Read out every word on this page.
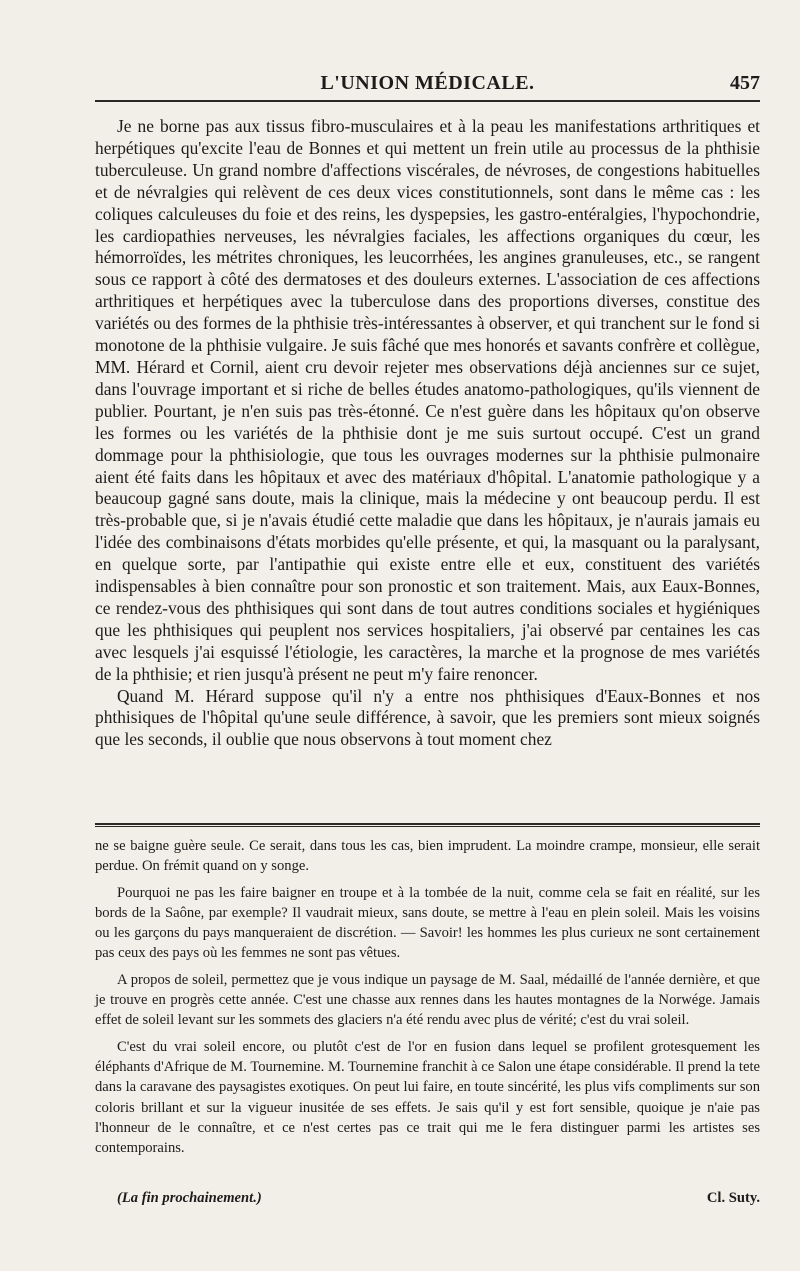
L'UNION MÉDICALE.	457

Je ne borne pas aux tissus fibro-musculaires et à la peau les manifestations arthritiques et herpétiques qu'excite l'eau de Bonnes et qui mettent un frein utile au processus de la phthisie tuberculeuse. Un grand nombre d'affections viscérales, de névroses, de congestions habituelles et de névralgies qui relèvent de ces deux vices constitutionnels, sont dans le même cas : les coliques calculeuses du foie et des reins, les dyspepsies, les gastro-entéralgies, l'hypochondrie, les cardiopathies nerveuses, les névralgies faciales, les affections organiques du cœur, les hémorroïdes, les métrites chroniques, les leucorrhées, les angines granuleuses, etc., se rangent sous ce rapport à côté des dermatoses et des douleurs externes. L'association de ces affections arthritiques et herpétiques avec la tuberculose dans des proportions diverses, constitue des variétés ou des formes de la phthisie très-intéressantes à observer, et qui tranchent sur le fond si monotone de la phthisie vulgaire. Je suis fâché que mes honorés et savants confrère et collègue, MM. Hérard et Cornil, aient cru devoir rejeter mes observations déjà anciennes sur ce sujet, dans l'ouvrage important et si riche de belles études anatomo-pathologiques, qu'ils viennent de publier. Pourtant, je n'en suis pas très-étonné. Ce n'est guère dans les hôpitaux qu'on observe les formes ou les variétés de la phthisie dont je me suis surtout occupé. C'est un grand dommage pour la phthisiologie, que tous les ouvrages modernes sur la phthisie pulmonaire aient été faits dans les hôpitaux et avec des matériaux d'hôpital. L'anatomie pathologique y a beaucoup gagné sans doute, mais la clinique, mais la médecine y ont beaucoup perdu. Il est très-probable que, si je n'avais étudié cette maladie que dans les hôpitaux, je n'aurais jamais eu l'idée des combinaisons d'états morbides qu'elle présente, et qui, la masquant ou la paralysant, en quelque sorte, par l'antipathie qui existe entre elle et eux, constituent des variétés indispensables à bien connaître pour son pronostic et son traitement. Mais, aux Eaux-Bonnes, ce rendez-vous des phthisiques qui sont dans de tout autres conditions sociales et hygiéniques que les phthisiques qui peuplent nos services hospitaliers, j'ai observé par centaines les cas avec lesquels j'ai esquissé l'étiologie, les caractères, la marche et la prognose de mes variétés de la phthisie; et rien jusqu'à présent ne peut m'y faire renoncer.

Quand M. Hérard suppose qu'il n'y a entre nos phthisiques d'Eaux-Bonnes et nos phthisiques de l'hôpital qu'une seule différence, à savoir, que les premiers sont mieux soignés que les seconds, il oublie que nous observons à tout moment chez

ne se baigne guère seule. Ce serait, dans tous les cas, bien imprudent. La moindre crampe, monsieur, elle serait perdue. On frémit quand on y songe.

Pourquoi ne pas les faire baigner en troupe et à la tombée de la nuit, comme cela se fait en réalité, sur les bords de la Saône, par exemple? Il vaudrait mieux, sans doute, se mettre à l'eau en plein soleil. Mais les voisins ou les garçons du pays manqueraient de discrétion. — Savoir! les hommes les plus curieux ne sont certainement pas ceux des pays où les femmes ne sont pas vêtues.

A propos de soleil, permettez que je vous indique un paysage de M. Saal, médaillé de l'année dernière, et que je trouve en progrès cette année. C'est une chasse aux rennes dans les hautes montagnes de la Norwége. Jamais effet de soleil levant sur les sommets des glaciers n'a été rendu avec plus de vérité; c'est du vrai soleil.

C'est du vrai soleil encore, ou plutôt c'est de l'or en fusion dans lequel se profilent grotesquement les éléphants d'Afrique de M. Tournemine. M. Tournemine franchit à ce Salon une étape considérable. Il prend la tete dans la caravane des paysagistes exotiques. On peut lui faire, en toute sincérité, les plus vifs compliments sur son coloris brillant et sur la vigueur inusitée de ses effets. Je sais qu'il y est fort sensible, quoique je n'aie pas l'honneur de le connaître, et ce n'est certes pas ce trait qui me le fera distinguer parmi les artistes ses contemporains.

(La fin prochainement.)	Cl. Suty.
